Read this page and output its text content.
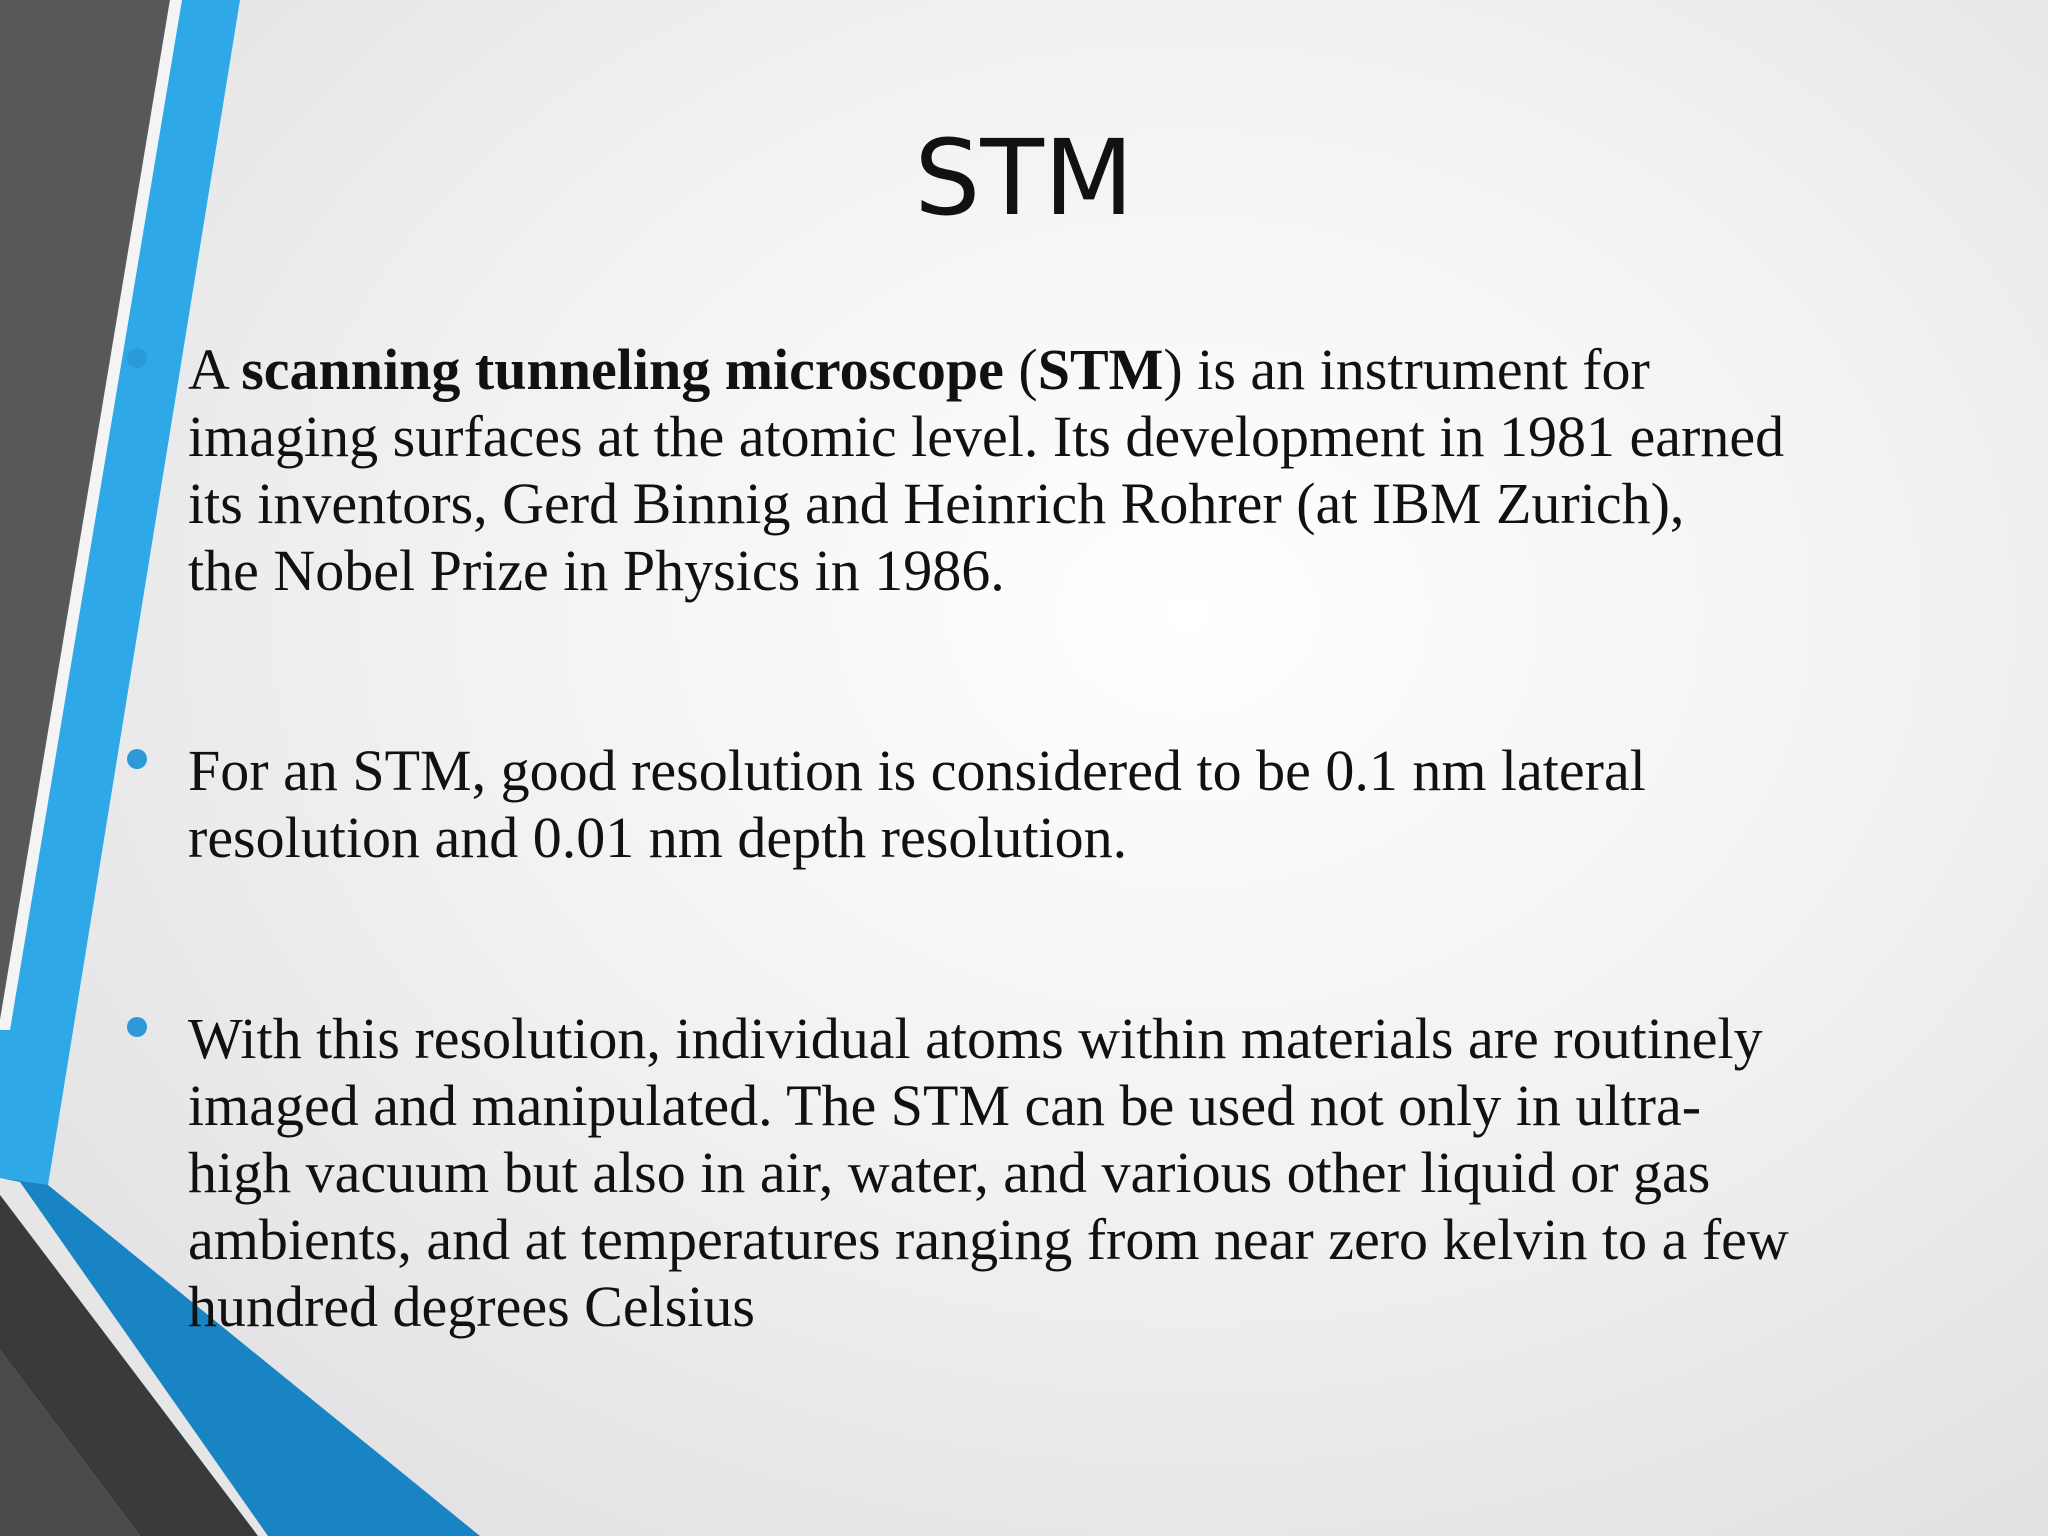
STM
A scanning tunneling microscope (STM) is an instrument for
imaging surfaces at the atomic level. Its development in 1981 earned
its inventors, Gerd Binnig and Heinrich Rohrer (at IBM Zurich),
the Nobel Prize in Physics in 1986.
For an STM, good resolution is considered to be 0.1 nm lateral
resolution and 0.01 nm depth resolution.
With this resolution, individual atoms within materials are routinely
imaged and manipulated. The STM can be used not only in ultra-
high vacuum but also in air, water, and various other liquid or gas
ambients, and at temperatures ranging from near zero kelvin to a few
hundred degrees Celsius
